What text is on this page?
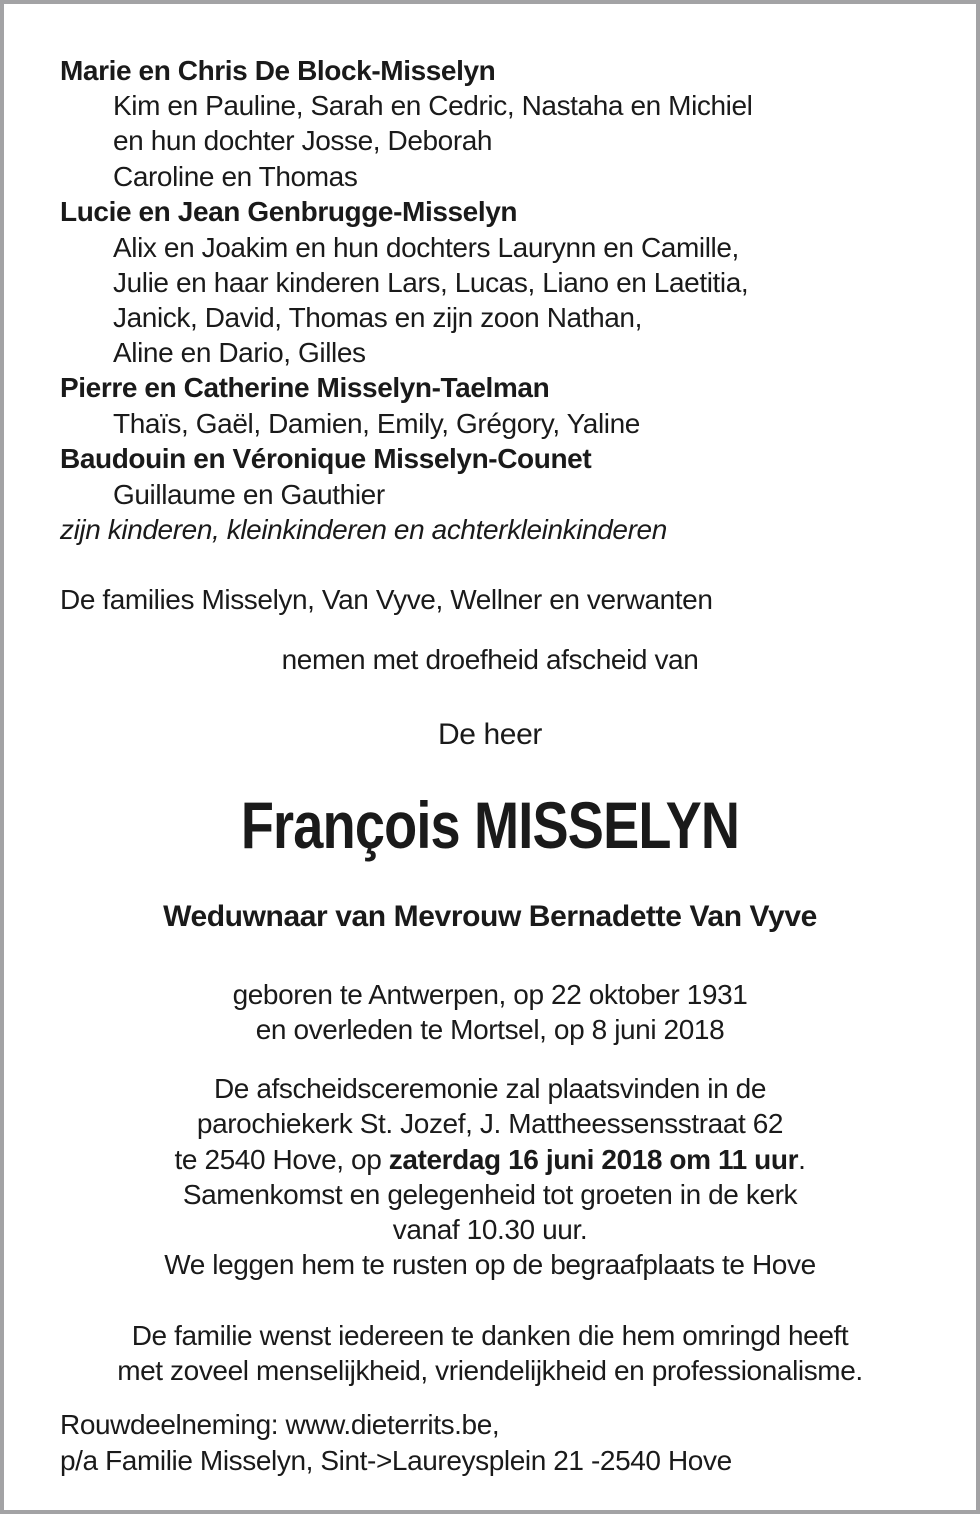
Marie en Chris De Block-Misselyn
Kim en Pauline, Sarah en Cedric, Nastaha en Michiel
en hun dochter Josse, Deborah
Caroline en Thomas
Lucie en Jean Genbrugge-Misselyn
Alix en Joakim en hun dochters Laurynn en Camille,
Julie en haar kinderen Lars, Lucas, Liano en Laetitia,
Janick, David, Thomas en zijn zoon Nathan,
Aline en Dario, Gilles
Pierre en Catherine Misselyn-Taelman
Thaïs, Gaël, Damien, Emily, Grégory, Yaline
Baudouin en Véronique Misselyn-Counet
Guillaume en Gauthier
zijn kinderen, kleinkinderen en achterkleinkinderen
De families Misselyn, Van Vyve, Wellner en verwanten
nemen met droefheid afscheid van
De heer
François MISSELYN
Weduwnaar van Mevrouw Bernadette Van Vyve
geboren te Antwerpen, op 22 oktober 1931
en overleden te Mortsel, op 8 juni 2018
De afscheidsceremonie zal plaatsvinden in de
parochiekerk St. Jozef, J. Mattheessensstraat 62
te 2540 Hove, op zaterdag 16 juni 2018 om 11 uur.
Samenkomst en gelegenheid tot groeten in de kerk
vanaf 10.30 uur.
We leggen hem te rusten op de begraafplaats te Hove
De familie wenst iedereen te danken die hem omringd heeft
met zoveel menselijkheid, vriendelijkheid en professionalisme.
Rouwdeelneming: www.dieterrits.be,
p/a Familie Misselyn, Sint->Laureysplein 21 -2540 Hove
